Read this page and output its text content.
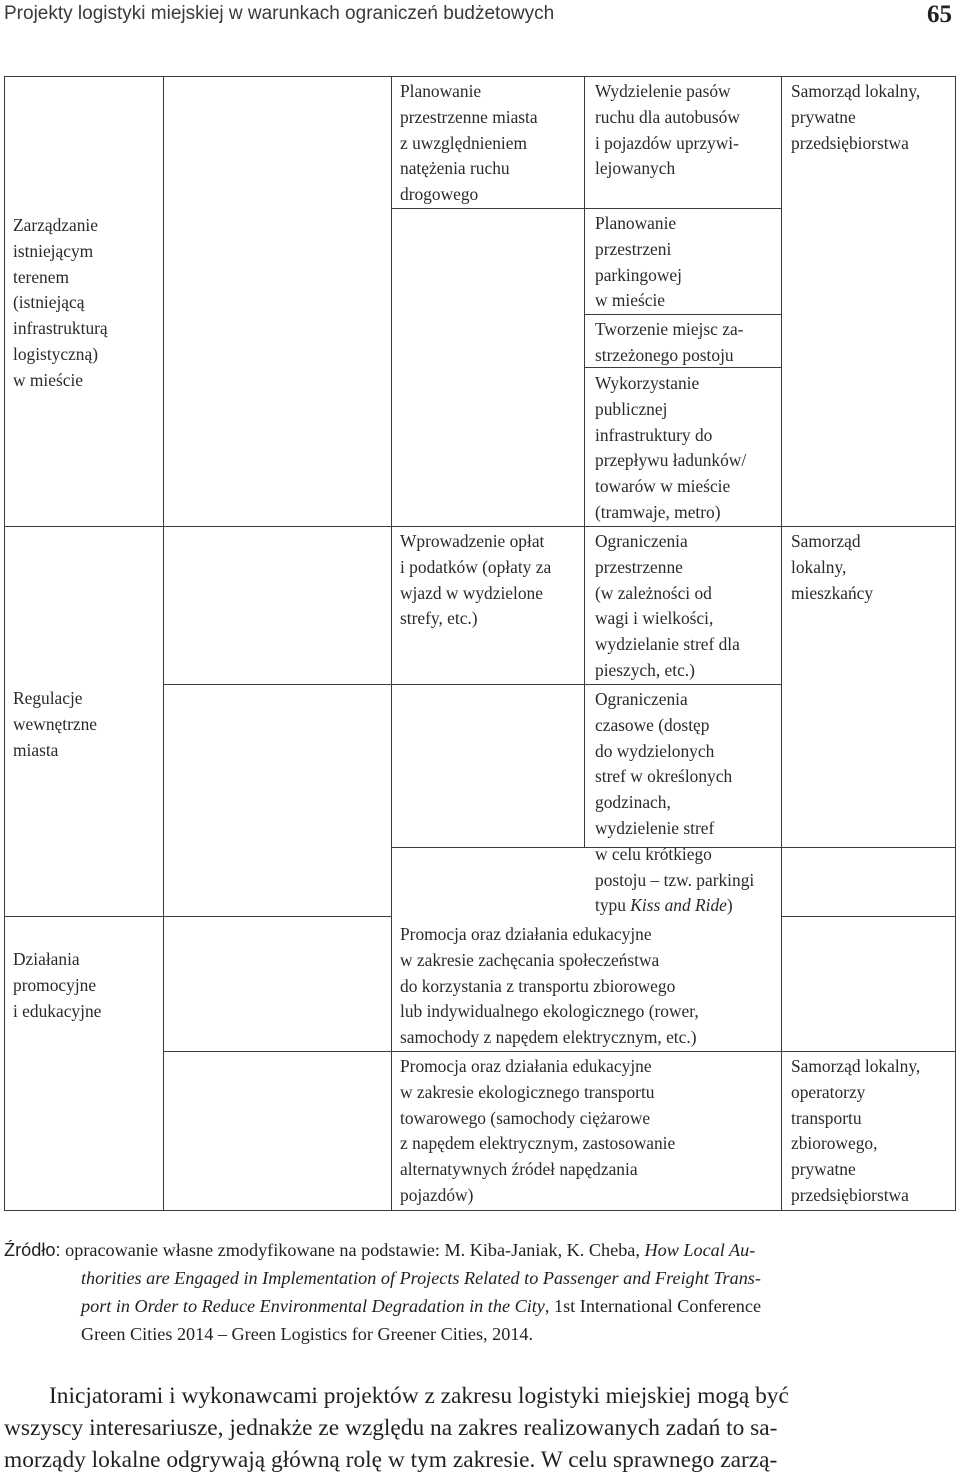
Projekty logistyki miejskiej w warunkach ograniczeń budżetowych	65
Zarządzanie
istniejącym
terenem
(istniejącą
infrastrukturą
logistyczną)
w mieście
Regulacje
wewnętrzne
miasta
Działania
promocyjne
i edukacyjne
Planowanie
przestrzenne miasta
z uwzględnieniem
natężenia ruchu
drogowego
Wprowadzenie opłat
i podatków (opłaty za
wjazd w wydzielone
strefy, etc.)
Wydzielenie pasów
ruchu dla autobusów
i pojazdów uprzywi-
lejowanych
Planowanie
przestrzeni
parkingowej
w mieście
Tworzenie miejsc za-
strzeżonego postoju
Wykorzystanie
publicznej
infrastruktury do
przepływu ładunków/
towarów w mieście
(tramwaje, metro)
Ograniczenia
przestrzenne
(w zależności od
wagi i wielkości,
wydzielanie stref dla
pieszych, etc.)
Ograniczenia
czasowe (dostęp
do wydzielonych
stref w określonych
godzinach,
wydzielenie stref
w celu krótkiego
postoju – tzw. parkingi
typu Kiss and Ride)
Promocja oraz działania edukacyjne
w zakresie zachęcania społeczeństwa
do korzystania z transportu zbiorowego
lub indywidualnego ekologicznego (rower,
samochody z napędem elektrycznym, etc.)
Promocja oraz działania edukacyjne
w zakresie ekologicznego transportu
towarowego (samochody ciężarowe
z napędem elektrycznym, zastosowanie
alternatywnych źródeł napędzania
pojazdów)
Samorząd lokalny,
prywatne
przedsiębiorstwa
Samorząd
lokalny,
mieszkańcy
Samorząd lokalny,
operatorzy
transportu
zbiorowego,
prywatne
przedsiębiorstwa
Źródło: opracowanie własne zmodyfikowane na podstawie: M. Kiba-Janiak, K. Cheba, How Local Au-
thorities are Engaged in Implementation of Projects Related to Passenger and Freight Trans-
port in Order to Reduce Environmental Degradation in the City, 1st International Conference
Green Cities 2014 – Green Logistics for Greener Cities, 2014.
Inicjatorami i wykonawcami projektów z zakresu logistyki miejskiej mogą być
wszyscy interesariusze, jednakże ze względu na zakres realizowanych zadań to sa-
morządy lokalne odgrywają główną rolę w tym zakresie. W celu sprawnego zarzą-
